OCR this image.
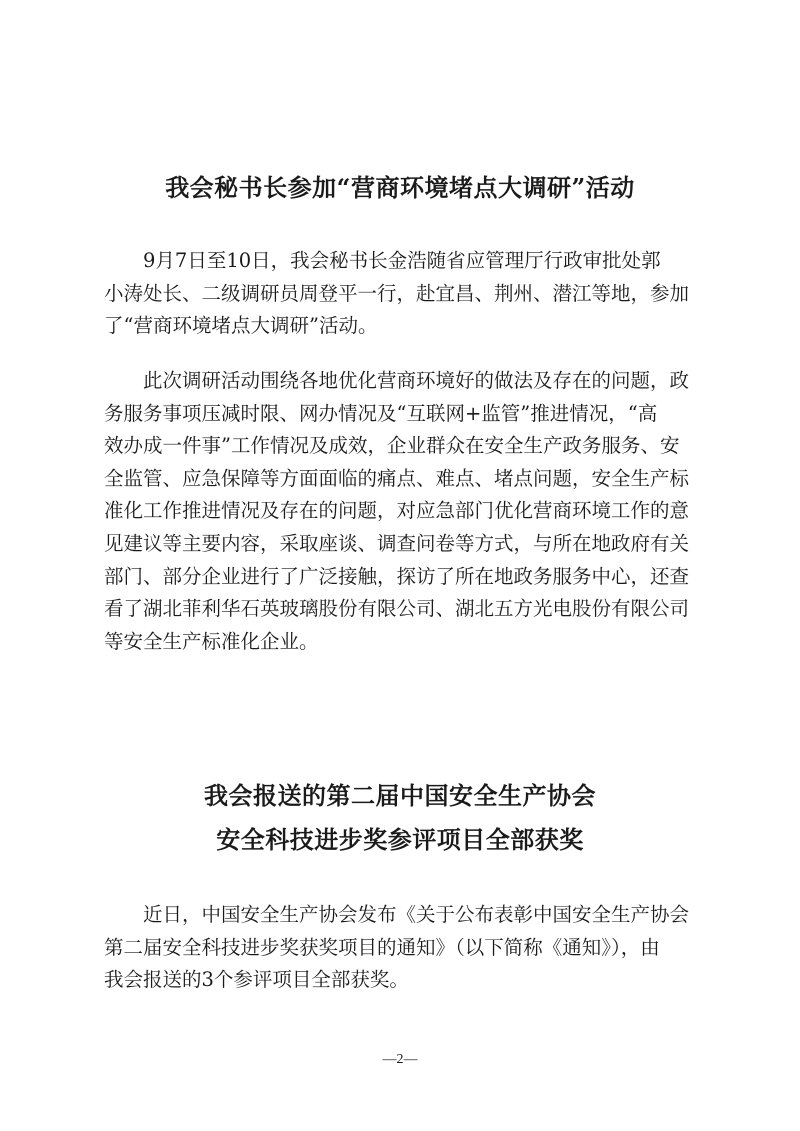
我会秘书长参加“营商环境堵点大调研”活动

　　9月7日至10日，我会秘书长金浩随省应管理厅行政审批处郭
小涛处长、二级调研员周登平一行，赴宜昌、荆州、潜江等地，参加
了“营商环境堵点大调研”活动。

　　此次调研活动围绕各地优化营商环境好的做法及存在的问题，政
务服务事项压减时限、网办情况及“互联网+监管”推进情况，“高
效办成一件事”工作情况及成效，企业群众在安全生产政务服务、安
全监管、应急保障等方面面临的痛点、难点、堵点问题，安全生产标
准化工作推进情况及存在的问题，对应急部门优化营商环境工作的意
见建议等主要内容，采取座谈、调查问卷等方式，与所在地政府有关
部门、部分企业进行了广泛接触，探访了所在地政务服务中心，还查
看了湖北菲利华石英玻璃股份有限公司、湖北五方光电股份有限公司
等安全生产标准化企业。

我会报送的第二届中国安全生产协会
安全科技进步奖参评项目全部获奖

　　近日，中国安全生产协会发布《关于公布表彰中国安全生产协会
第二届安全科技进步奖获奖项目的通知》（以下简称《通知》），由
我会报送的3个参评项目全部获奖。

—2—
